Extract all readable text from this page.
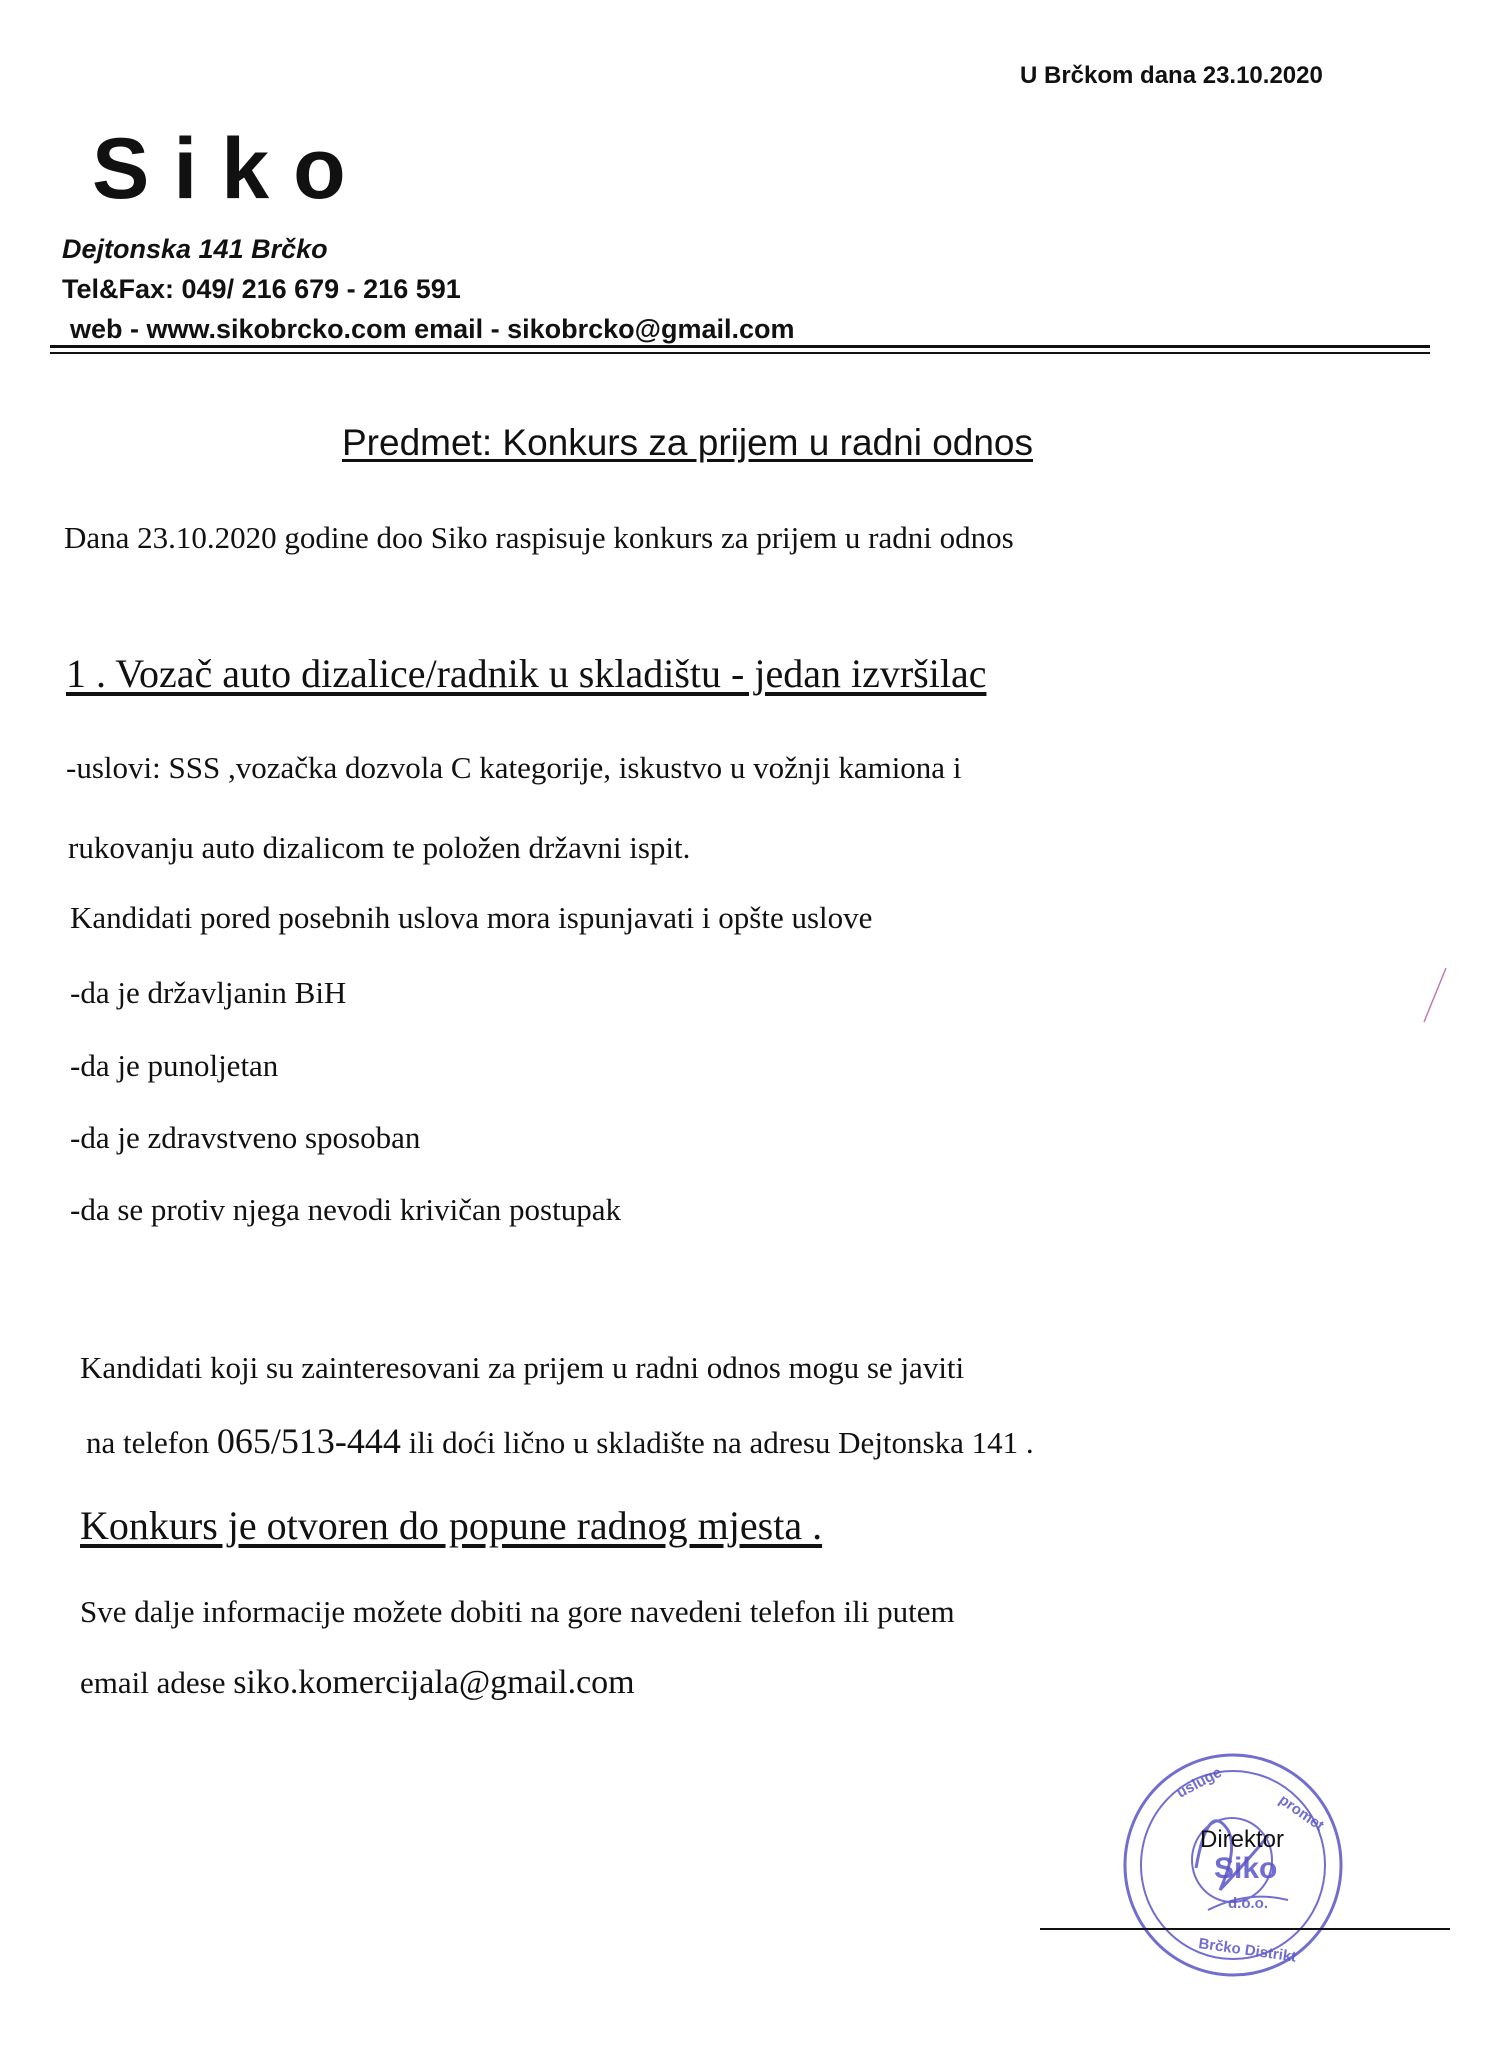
U Brčkom dana 23.10.2020
Siko
Dejtonska 141 Brčko
Tel&Fax: 049/ 216 679 - 216 591
web - www.sikobrcko.com email - sikobrcko@gmail.com
Predmet: Konkurs za prijem u radni odnos
Dana 23.10.2020 godine doo Siko raspisuje konkurs za prijem u radni odnos
1 . Vozač auto dizalice/radnik u skladištu - jedan izvršilac
-uslovi: SSS ,vozačka dozvola C kategorije, iskustvo u vožnji kamiona i
rukovanju auto dizalicom te položen državni ispit.
Kandidati pored posebnih uslova mora ispunjavati i opšte uslove
-da je državljanin BiH
-da je punoljetan
-da je zdravstveno sposoban
-da se protiv njega nevodi krivičan postupak
Kandidati koji su zainteresovani za prijem u radni odnos mogu se javiti
na telefon 065/513-444 ili doći lično u skladište na adresu Dejtonska 141 .
Konkurs je otvoren do popune radnog mjesta .
Sve dalje informacije možete dobiti na gore navedeni telefon ili putem
email adese siko.komercijala@gmail.com
usluge
promet
d.o.o.
Brčko Distrikt
Siko
Direktor
